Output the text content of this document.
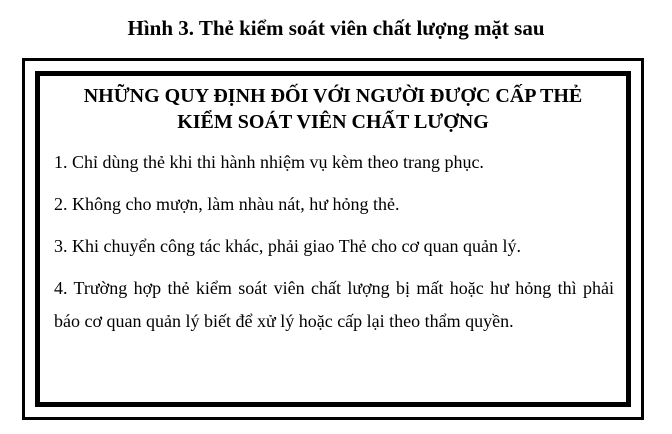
Hình 3. Thẻ kiểm soát viên chất lượng mặt sau
NHỮNG QUY ĐỊNH ĐỐI VỚI NGƯỜI ĐƯỢC CẤP THẺ
KIỂM SOÁT VIÊN CHẤT LƯỢNG
1. Chỉ dùng thẻ khi thi hành nhiệm vụ kèm theo trang phục.
2. Không cho mượn, làm nhàu nát, hư hỏng thẻ.
3. Khi chuyển công tác khác, phải giao Thẻ cho cơ quan quản lý.
4. Trường hợp thẻ kiểm soát viên chất lượng bị mất hoặc hư hỏng thì phải báo cơ quan quản lý biết để xử lý hoặc cấp lại theo thẩm quyền.
